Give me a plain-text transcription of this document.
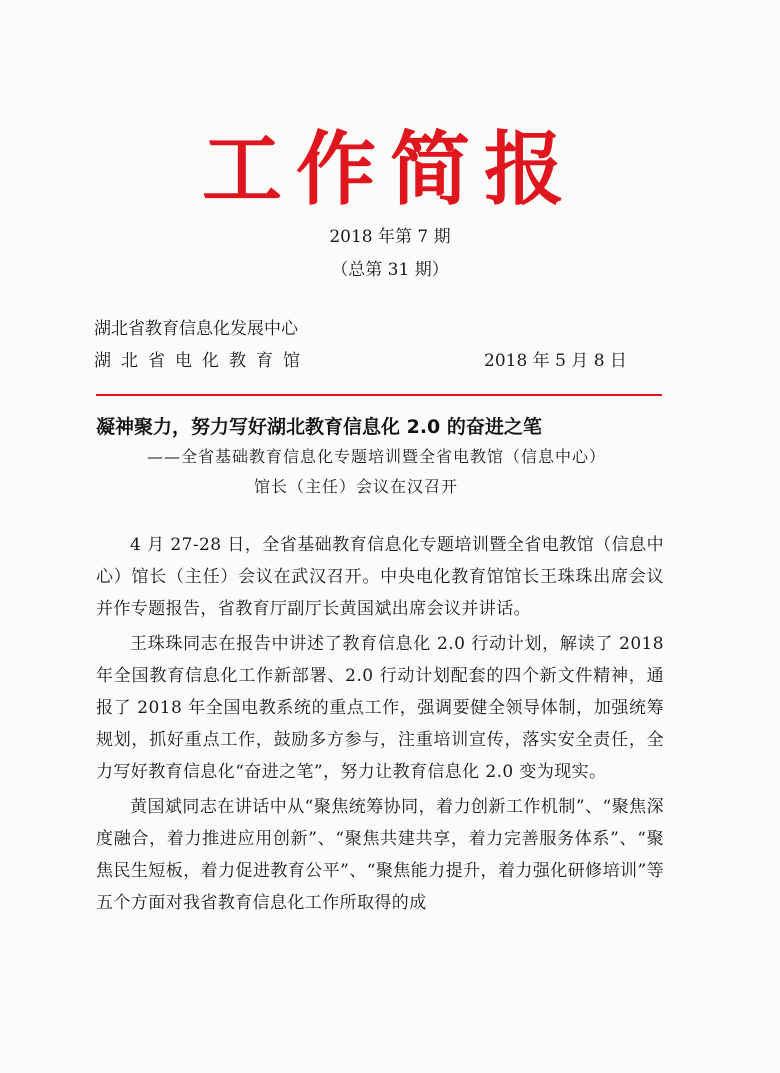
工作简报
2018 年第 7 期
（总第 31 期）
湖北省教育信息化发展中心
湖北省电化教育馆	2018 年 5 月 8 日
凝神聚力，努力写好湖北教育信息化 2.0 的奋进之笔
——全省基础教育信息化专题培训暨全省电教馆（信息中心）
馆长（主任）会议在汉召开

4 月 27-28 日，全省基础教育信息化专题培训暨全省电教馆（信息中心）馆长（主任）会议在武汉召开。中央电化教育馆馆长王珠珠出席会议并作专题报告，省教育厅副厅长黄国斌出席会议并讲话。

王珠珠同志在报告中讲述了教育信息化 2.0 行动计划，解读了 2018 年全国教育信息化工作新部署、2.0 行动计划配套的四个新文件精神，通报了 2018 年全国电教系统的重点工作，强调要健全领导体制，加强统筹规划，抓好重点工作，鼓励多方参与，注重培训宣传，落实安全责任，全力写好教育信息化“奋进之笔”，努力让教育信息化 2.0 变为现实。

黄国斌同志在讲话中从“聚焦统筹协同，着力创新工作机制”、“聚焦深度融合，着力推进应用创新”、“聚焦共建共享，着力完善服务体系”、“聚焦民生短板，着力促进教育公平”、“聚焦能力提升，着力强化研修培训”等五个方面对我省教育信息化工作所取得的成
